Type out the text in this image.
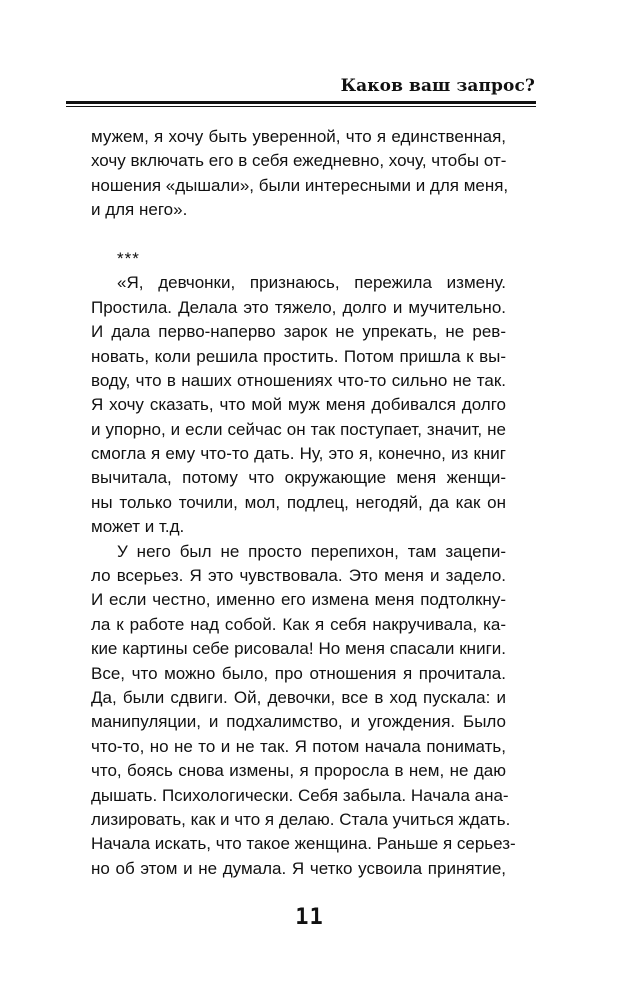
Каков ваш запрос?
мужем, я хочу быть уверенной, что я единственная,
хочу включать его в себя ежедневно, хочу, чтобы от-
ношения «дышали», были интересными и для меня,
и для него».
***
«Я, девчонки, признаюсь, пережила измену.
Простила. Делала это тяжело, долго и мучительно.
И дала перво-наперво зарок не упрекать, не рев-
новать, коли решила простить. Потом пришла к вы-
воду, что в наших отношениях что-то сильно не так.
Я хочу сказать, что мой муж меня добивался долго
и упорно, и если сейчас он так поступает, значит, не
смогла я ему что-то дать. Ну, это я, конечно, из книг
вычитала, потому что окружающие меня женщи-
ны только точили, мол, подлец, негодяй, да как он
может и т.д.
У него был не просто перепихон, там зацепи-
ло всерьез. Я это чувствовала. Это меня и задело.
И если честно, именно его измена меня подтолкну-
ла к работе над собой. Как я себя накручивала, ка-
кие картины себе рисовала! Но меня спасали книги.
Все, что можно было, про отношения я прочитала.
Да, были сдвиги. Ой, девочки, все в ход пускала: и
манипуляции, и подхалимство, и угождения. Было
что-то, но не то и не так. Я потом начала понимать,
что, боясь снова измены, я проросла в нем, не даю
дышать. Психологически. Себя забыла. Начала ана-
лизировать, как и что я делаю. Стала учиться ждать.
Начала искать, что такое женщина. Раньше я серьез-
но об этом и не думала. Я четко усвоила принятие,
11
